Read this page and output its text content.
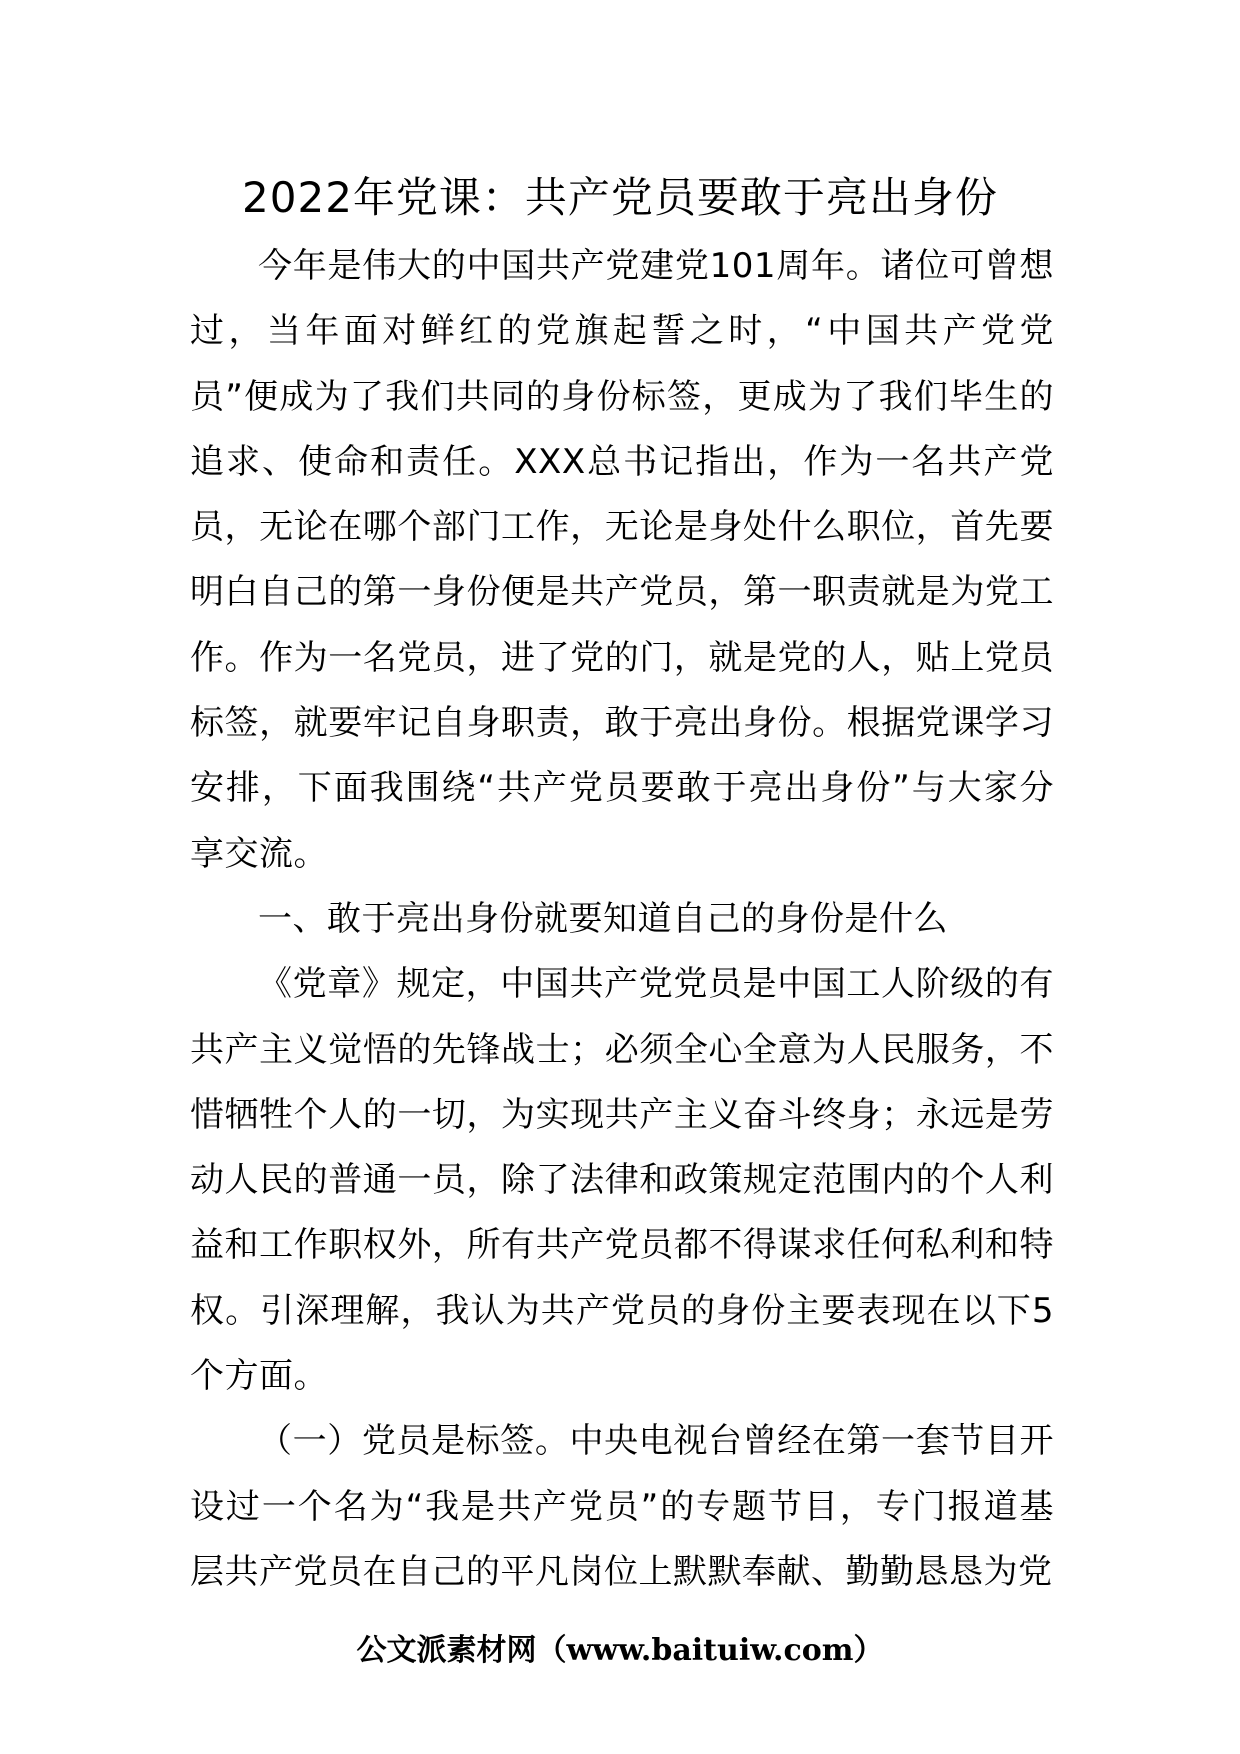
2022年党课：共产党员要敢于亮出身份

今年是伟大的中国共产党建党101周年。诸位可曾想过，当年面对鲜红的党旗起誓之时，“中国共产党党员”便成为了我们共同的身份标签，更成为了我们毕生的追求、使命和责任。XXX总书记指出，作为一名共产党员，无论在哪个部门工作，无论是身处什么职位，首先要明白自己的第一身份便是共产党员，第一职责就是为党工作。作为一名党员，进了党的门，就是党的人，贴上党员标签，就要牢记自身职责，敢于亮出身份。根据党课学习安排，下面我围绕“共产党员要敢于亮出身份”与大家分享交流。

一、敢于亮出身份就要知道自己的身份是什么

《党章》规定，中国共产党党员是中国工人阶级的有共产主义觉悟的先锋战士；必须全心全意为人民服务，不惜牺牲个人的一切，为实现共产主义奋斗终身；永远是劳动人民的普通一员，除了法律和政策规定范围内的个人利益和工作职权外，所有共产党员都不得谋求任何私利和特权。引深理解，我认为共产党员的身份主要表现在以下5个方面。

（一）党员是标签。中央电视台曾经在第一套节目开设过一个名为“我是共产党员”的专题节目，专门报道基层共产党员在自己的平凡岗位上默默奉献、勤勤恳恳为党

公文派素材网（www.baituiw.com）
